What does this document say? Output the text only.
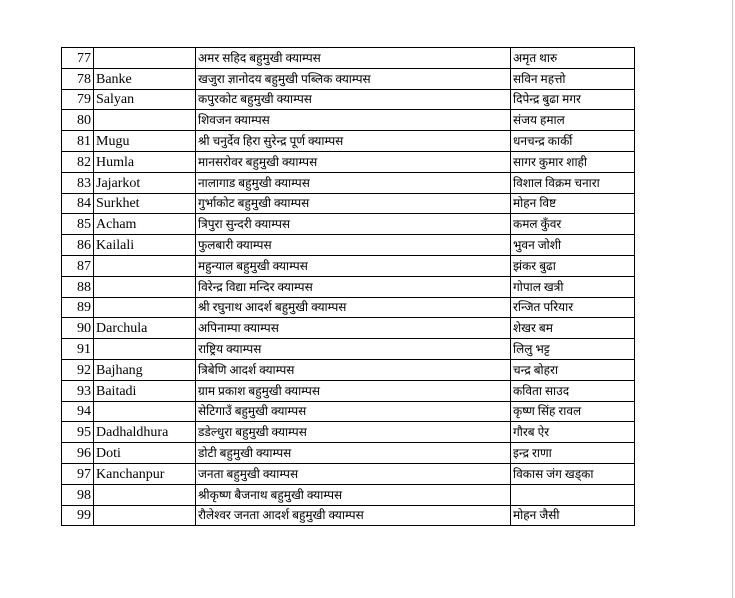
77		अमर सहिद बहुमुखी क्याम्पस	अमृत थारु
78	Banke	खजुरा ज्ञानोदय बहुमुखी पब्लिक क्याम्पस	सविन महत्तो
79	Salyan	कपुरकोट बहुमुखी क्याम्पस	दिपेन्द्र बुढा मगर
80		शिवजन क्याम्पस	संजय हमाल
81	Mugu	श्री चनुर्देव हिरा सुरेन्द्र पूर्ण क्याम्पस	धनचन्द्र कार्की
82	Humla	मानसरोवर बहुमुखी क्याम्पस	सागर कुमार शाही
83	Jajarkot	नालागाड बहुमुखी क्याम्पस	विशाल विक्रम चनारा
84	Surkhet	गुर्भाकोट बहुमुखी क्याम्पस	मोहन विष्ट
85	Acham	त्रिपुरा सुन्दरी क्याम्पस	कमल कुँवर
86	Kailali	फुलबारी क्याम्पस	भुवन जोशी
87		महुन्याल बहुमुखी क्याम्पस	झंकर बुढा
88		विरेन्द्र विद्या मन्दिर क्याम्पस	गोपाल खत्री
89		श्री रघुनाथ आदर्श बहुमुखी क्याम्पस	रन्जित परियार
90	Darchula	अपिनाम्पा क्याम्पस	शेखर बम
91		राष्ट्रिय क्याम्पस	लिलु भट्ट
92	Bajhang	त्रिबेणि आदर्श क्याम्पस	चन्द्र बोहरा
93	Baitadi	ग्राम प्रकाश बहुमुखी क्याम्पस	कविता साउद
94		सेटिगाउँ बहुमुखी क्याम्पस	कृष्ण सिंह रावल
95	Dadhaldhura	डडेल्धुरा बहुमुखी क्याम्पस	गौरब ऐर
96	Doti	डोटी बहुमुखी क्याम्पस	इन्द्र राणा
97	Kanchanpur	जनता बहुमुखी क्याम्पस	विकास जंग खड्का
98		श्रीकृष्ण बैजनाथ बहुमुखी क्याम्पस	
99		रौलेश्वर जनता आदर्श बहुमुखी क्याम्पस	मोहन जैसी
